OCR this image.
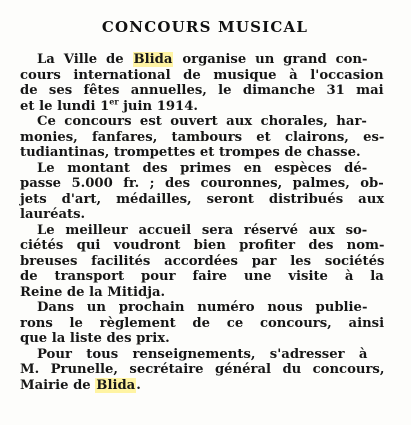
CONCOURS MUSICAL

La Ville de Blida organise un grand con-
cours international de musique à l'occasion
de ses fêtes annuelles, le dimanche 31 mai
et le lundi 1er juin 1914.

Ce concours est ouvert aux chorales, har-
monies, fanfares, tambours et clairons, es-
tudiantinas, trompettes et trompes de chasse.

Le montant des primes en espèces dé-
passe 5.000 fr. ; des couronnes, palmes, ob-
jets d'art, médailles, seront distribués aux
lauréats.

Le meilleur accueil sera réservé aux so-
ciétés qui voudront bien profiter des nom-
breuses facilités accordées par les sociétés
de transport pour faire une visite à la
Reine de la Mitidja.

Dans un prochain numéro nous publie-
rons le règlement de ce concours, ainsi
que la liste des prix.

Pour tous renseignements, s'adresser à
M. Prunelle, secrétaire général du concours,
Mairie de Blida.
